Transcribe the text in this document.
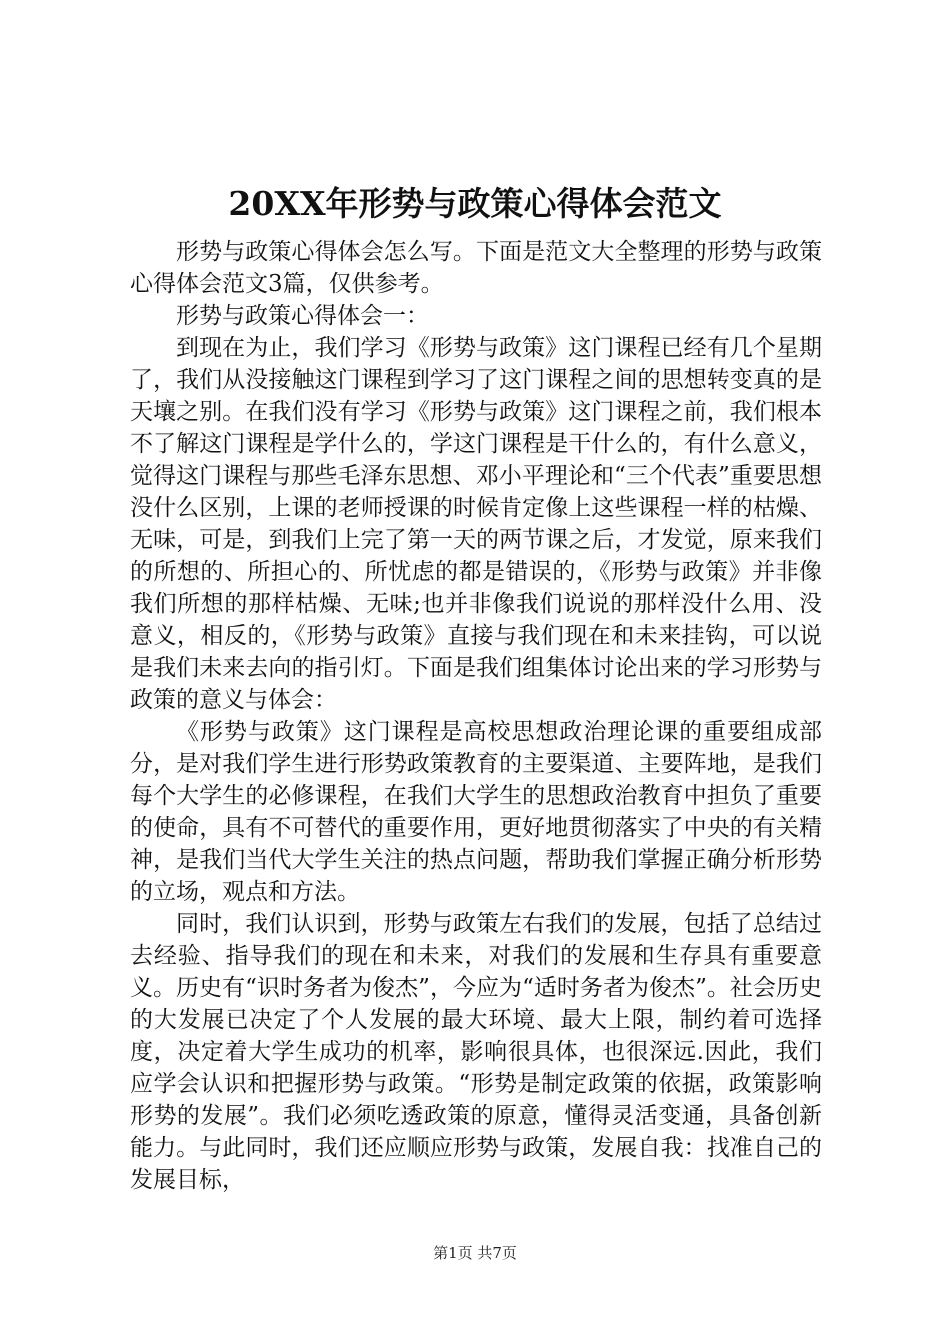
20XX年形势与政策心得体会范文

形势与政策心得体会怎么写。下面是范文大全整理的形势与政策心得体会范文3篇，仅供参考。

形势与政策心得体会一：

到现在为止，我们学习《形势与政策》这门课程已经有几个星期了，我们从没接触这门课程到学习了这门课程之间的思想转变真的是天壤之别。在我们没有学习《形势与政策》这门课程之前，我们根本不了解这门课程是学什么的，学这门课程是干什么的，有什么意义，觉得这门课程与那些毛泽东思想、邓小平理论和“三个代表”重要思想没什么区别，上课的老师授课的时候肯定像上这些课程一样的枯燥、无味，可是，到我们上完了第一天的两节课之后，才发觉，原来我们的所想的、所担心的、所忧虑的都是错误的，《形势与政策》并非像我们所想的那样枯燥、无味;也并非像我们说说的那样没什么用、没意义，相反的，《形势与政策》直接与我们现在和未来挂钩，可以说是我们未来去向的指引灯。下面是我们组集体讨论出来的学习形势与政策的意义与体会：

《形势与政策》这门课程是高校思想政治理论课的重要组成部分，是对我们学生进行形势政策教育的主要渠道、主要阵地，是我们每个大学生的必修课程，在我们大学生的思想政治教育中担负了重要的使命，具有不可替代的重要作用，更好地贯彻落实了中央的有关精神，是我们当代大学生关注的热点问题，帮助我们掌握正确分析形势的立场，观点和方法。

同时，我们认识到，形势与政策左右我们的发展，包括了总结过去经验、指导我们的现在和未来，对我们的发展和生存具有重要意义。历史有“识时务者为俊杰”，今应为“适时务者为俊杰”。社会历史的大发展已决定了个人发展的最大环境、最大上限，制约着可选择度，决定着大学生成功的机率，影响很具体，也很深远.因此，我们应学会认识和把握形势与政策。“形势是制定政策的依据，政策影响形势的发展”。我们必须吃透政策的原意，懂得灵活变通，具备创新能力。与此同时，我们还应顺应形势与政策，发展自我：找准自己的发展目标，

第1页 共7页
